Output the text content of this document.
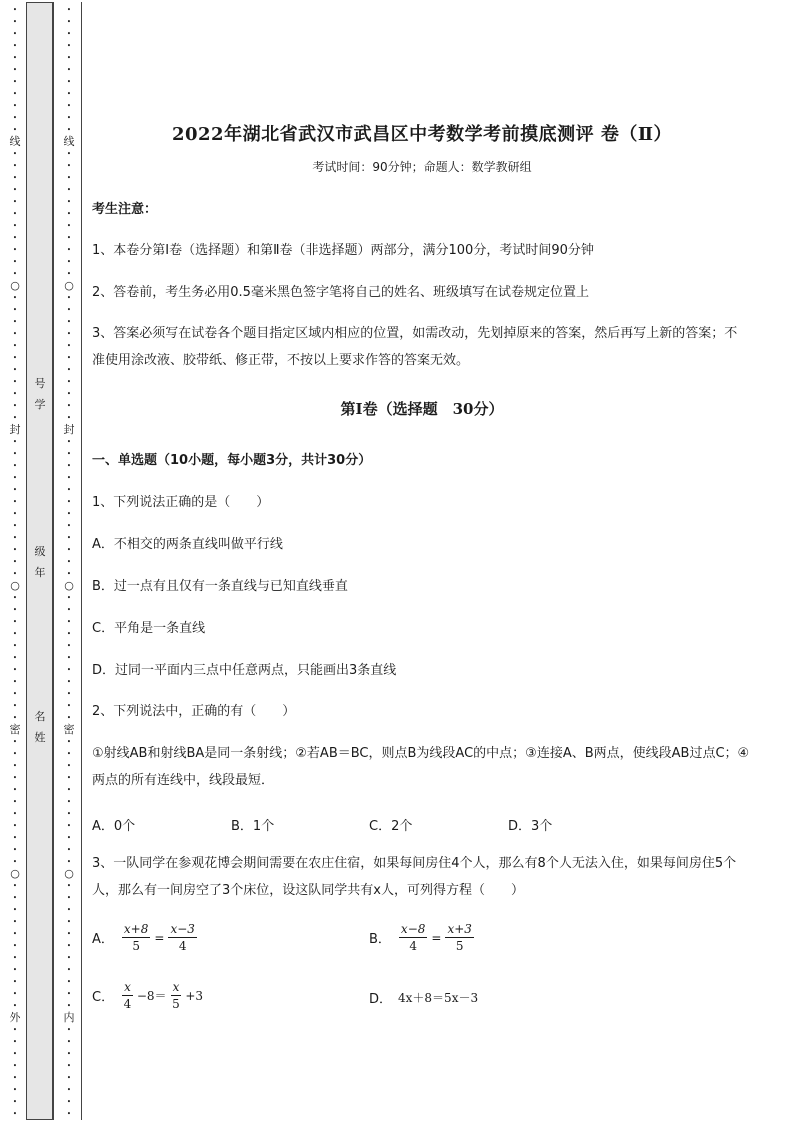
•
•
•
•
•
•
•
•
•
•
•
线
•
•
•
•
•
•
•
•
•
•
•
○
•
•
•
•
•
•
•
•
•
•
•
封
•
•
•
•
•
•
•
•
•
•
•
•
○
•
•
•
•
•
•
•
•
•
•
•
密
•
•
•
•
•
•
•
•
•
•
•
○
•
•
•
•
•
•
•
•
•
•
•
外
•
•
•
•
•
•
•
•
•
•
•
•
•
•
•
•
•
•
•
线
•
•
•
•
•
•
•
•
•
•
•
○
•
•
•
•
•
•
•
•
•
•
•
封
•
•
•
•
•
•
•
•
•
•
•
•
○
•
•
•
•
•
•
•
•
•
•
•
密
•
•
•
•
•
•
•
•
•
•
•
○
•
•
•
•
•
•
•
•
•
•
•
内
•
•
•
•
•
•
•
•
号
学
级
年
名
姓
2022年湖北省武汉市武昌区中考数学考前摸底测评 卷（Ⅱ）
考试时间：90分钟；命题人：数学教研组
考生注意：
1、本卷分第Ⅰ卷（选择题）和第Ⅱ卷（非选择题）两部分，满分100分，考试时间90分钟
2、答卷前，考生务必用0.5毫米黑色签字笔将自己的姓名、班级填写在试卷规定位置上
3、答案必须写在试卷各个题目指定区域内相应的位置，如需改动，先划掉原来的答案，然后再写上新的答案；不准使用涂改液、胶带纸、修正带，不按以上要求作答的答案无效。
第Ⅰ卷（选择题　30分）
一、单选题（10小题，每小题3分，共计30分）
1、下列说法正确的是（　　）
A．不相交的两条直线叫做平行线
B．过一点有且仅有一条直线与已知直线垂直
C．平角是一条直线
D．过同一平面内三点中任意两点，只能画出3条直线
2、下列说法中，正确的有（　　）
①射线AB和射线BA是同一条射线；②若AB＝BC，则点B为线段AC的中点；③连接A、B两点，使线段AB过点C；④两点的所有连线中，线段最短．
A．0个	B．1个	C．2个	D．3个
3、一队同学在参观花博会期间需要在农庄住宿，如果每间房住4个人，那么有8个人无法入住，如果每间房住5个人，那么有一间房空了3个床位，设这队同学共有x人，可列得方程（　　）
A． $\frac{x+8}{5} = \frac{x-3}{4}$	B． $\frac{x-8}{4} = \frac{x+3}{5}$
C． $\frac{x}{4} -8= \frac{x}{5} +3$	D． 4x＋8＝5x－3
